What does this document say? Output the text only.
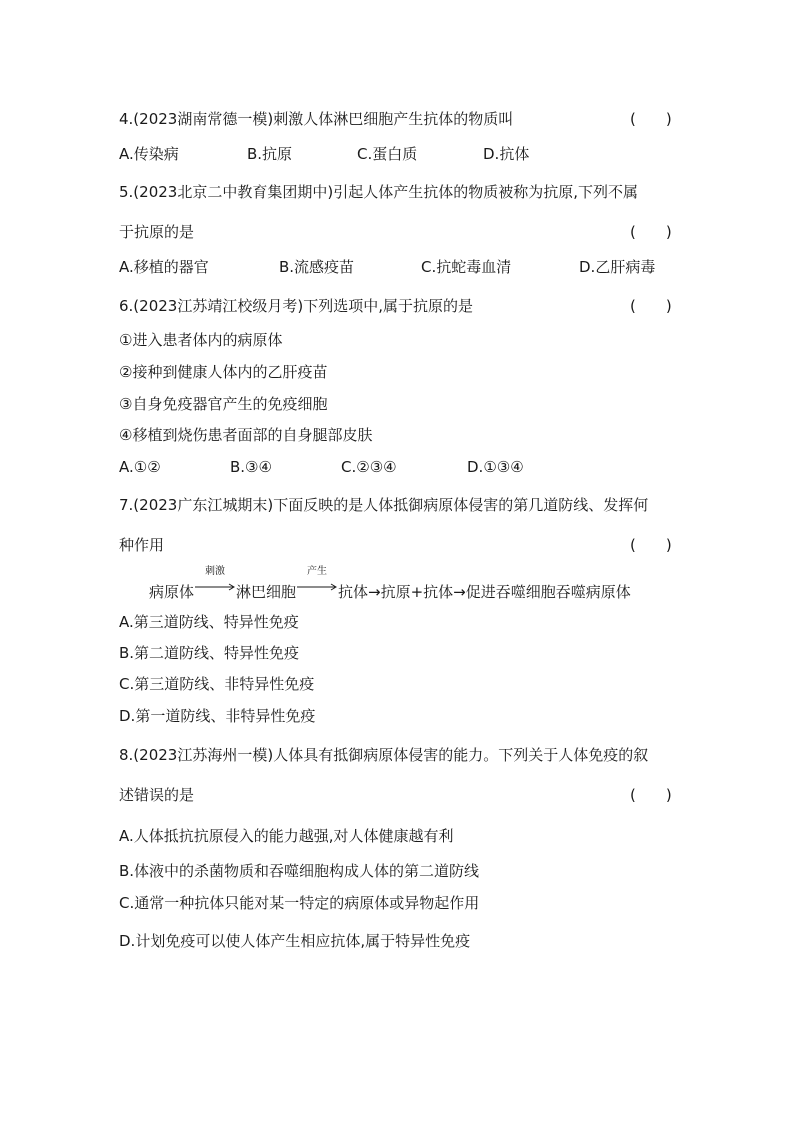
4.(2023湖南常德一模)刺激人体淋巴细胞产生抗体的物质叫	(　　)
A.传染病	B.抗原	C.蛋白质	D.抗体
5.(2023北京二中教育集团期中)引起人体产生抗体的物质被称为抗原,下列不属
于抗原的是	(　　)
A.移植的器官	B.流感疫苗	C.抗蛇毒血清	D.乙肝病毒
6.(2023江苏靖江校级月考)下列选项中,属于抗原的是	(　　)
①进入患者体内的病原体
②接种到健康人体内的乙肝疫苗
③自身免疫器官产生的免疫细胞
④移植到烧伤患者面部的自身腿部皮肤
A.①②	B.③④	C.②③④	D.①③④
7.(2023广东江城期末)下面反映的是人体抵御病原体侵害的第几道防线、发挥何
种作用	(　　)
病原体
刺激
淋巴细胞
产生
抗体→抗原+抗体→促进吞噬细胞吞噬病原体
A.第三道防线、特异性免疫
B.第二道防线、特异性免疫
C.第三道防线、非特异性免疫
D.第一道防线、非特异性免疫
8.(2023江苏海州一模)人体具有抵御病原体侵害的能力。下列关于人体免疫的叙
述错误的是	(　　)
A.人体抵抗抗原侵入的能力越强,对人体健康越有利
B.体液中的杀菌物质和吞噬细胞构成人体的第二道防线
C.通常一种抗体只能对某一特定的病原体或异物起作用
D.计划免疫可以使人体产生相应抗体,属于特异性免疫
